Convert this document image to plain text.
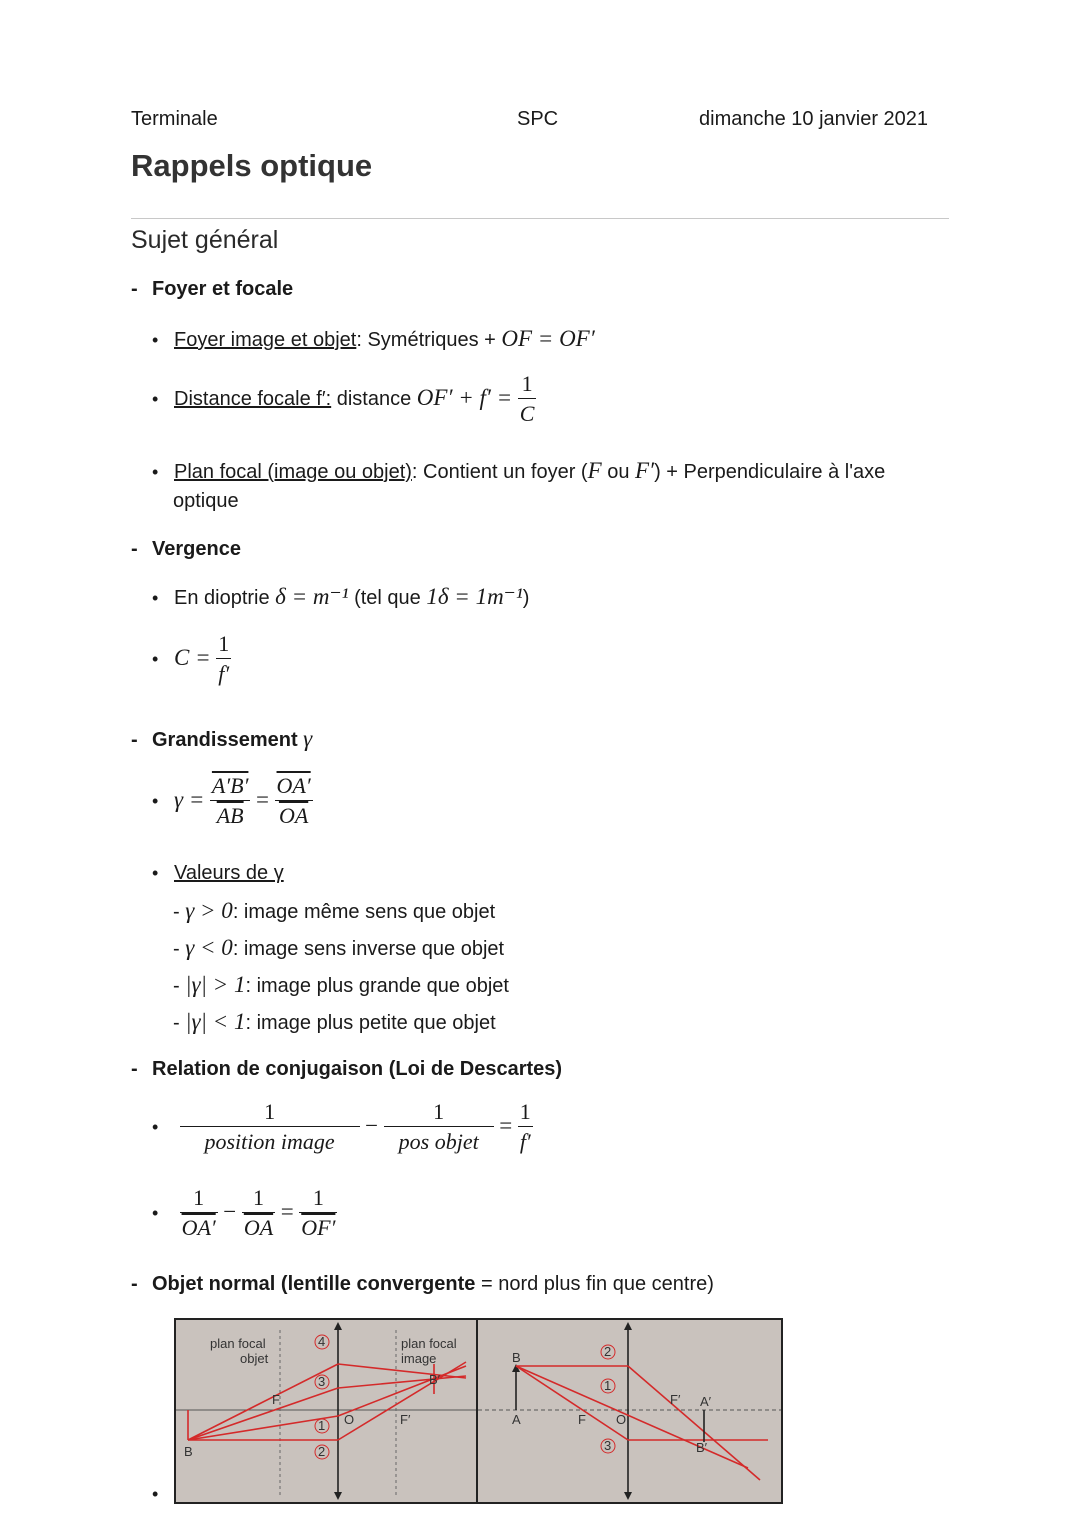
Terminale	SPC	dimanche 10 janvier 2021
Rappels optique
Sujet général
- Foyer et focale
• Foyer image et objet: Symétriques + OF = OF′
• Distance focale f′: distance $OF' + f' = \frac{1}{C}$
• Plan focal (image ou objet): Contient un foyer (F ou F′) + Perpendiculaire à l'axe
optique
- Vergence
• En dioptrie δ = m⁻¹ (tel que 1δ = 1m⁻¹)
• $C = \frac{1}{f'}$
- Grandissement γ
• $\gamma = \frac{A'B'}{AB} = \frac{OA'}{OA}$
• Valeurs de γ
- γ > 0: image même sens que objet
- γ < 0: image sens inverse que objet
- |γ| > 1: image plus grande que objet
- |γ| < 1: image plus petite que objet
- Relation de conjugaison (Loi de Descartes)
• $\frac{1}{\text{position image}} - \frac{1}{\text{pos objet}} = \frac{1}{f'}$
• $\frac{1}{OA'} - \frac{1}{OA} = \frac{1}{OF'}$
- Objet normal (lentille convergente = nord plus fin que centre)
•
plan focal
objet
plan focal
image
F
F′
O
B
B′
4
3
1
2
B
A	F O
F′ A′
B′
2
1
3
